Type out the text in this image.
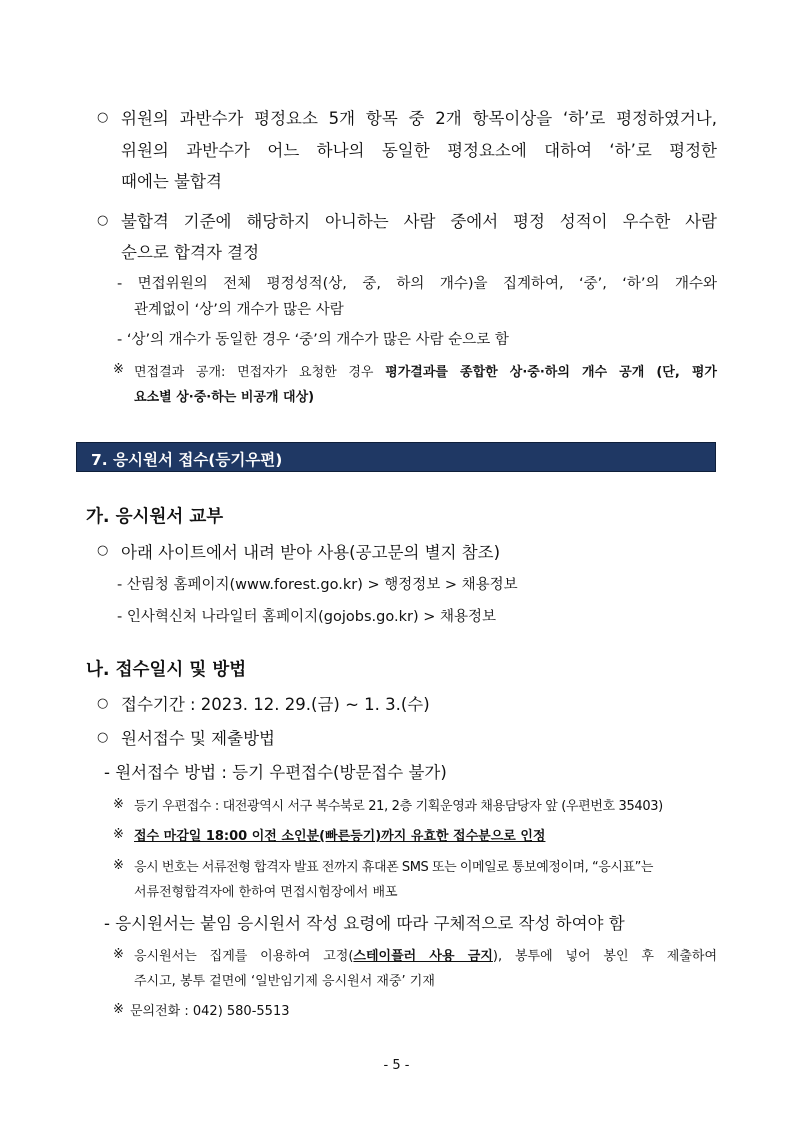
○ 위원의 과반수가 평정요소 5개 항목 중 2개 항목이상을 ‘하’로 평정하였거나,
위원의 과반수가 어느 하나의 동일한 평정요소에 대하여 ‘하’로 평정한
때에는 불합격
○ 불합격 기준에 해당하지 아니하는 사람 중에서 평정 성적이 우수한 사람
순으로 합격자 결정
- 면접위원의 전체 평정성적(상, 중, 하의 개수)을 집계하여, ‘중’, ‘하’의 개수와
관계없이 ‘상’의 개수가 많은 사람
- ‘상’의 개수가 동일한 경우 ‘중’의 개수가 많은 사람 순으로 함
※ 면접결과 공개: 면접자가 요청한 경우 평가결과를 종합한 상·중·하의 개수 공개 (단, 평가
요소별 상·중·하는 비공개 대상)
7. 응시원서 접수(등기우편)
가. 응시원서 교부
○ 아래 사이트에서 내려 받아 사용(공고문의 별지 참조)
- 산림청 홈페이지(www.forest.go.kr) > 행정정보 > 채용정보
- 인사혁신처 나라일터 홈페이지(gojobs.go.kr) > 채용정보
나. 접수일시 및 방법
○ 접수기간 : 2023. 12. 29.(금) ~ 1. 3.(수)
○ 원서접수 및 제출방법
- 원서접수 방법 : 등기 우편접수(방문접수 불가)
※ 등기 우편접수 : 대전광역시 서구 복수북로 21, 2층 기획운영과 채용담당자 앞 (우편번호 35403)
※ 접수 마감일 18:00 이전 소인분(빠른등기)까지 유효한 접수분으로 인정
※ 응시 번호는 서류전형 합격자 발표 전까지 휴대폰 SMS 또는 이메일로 통보예정이며, “응시표”는
서류전형합격자에 한하여 면접시험장에서 배포
- 응시원서는 붙임 응시원서 작성 요령에 따라 구체적으로 작성 하여야 함
※ 응시원서는 집게를 이용하여 고정(스테이플러 사용 금지), 봉투에 넣어 봉인 후 제출하여
주시고, 봉투 겉면에 ‘일반임기제 응시원서 재중’ 기재
※ 문의전화 : 042) 580-5513
- 5 -
